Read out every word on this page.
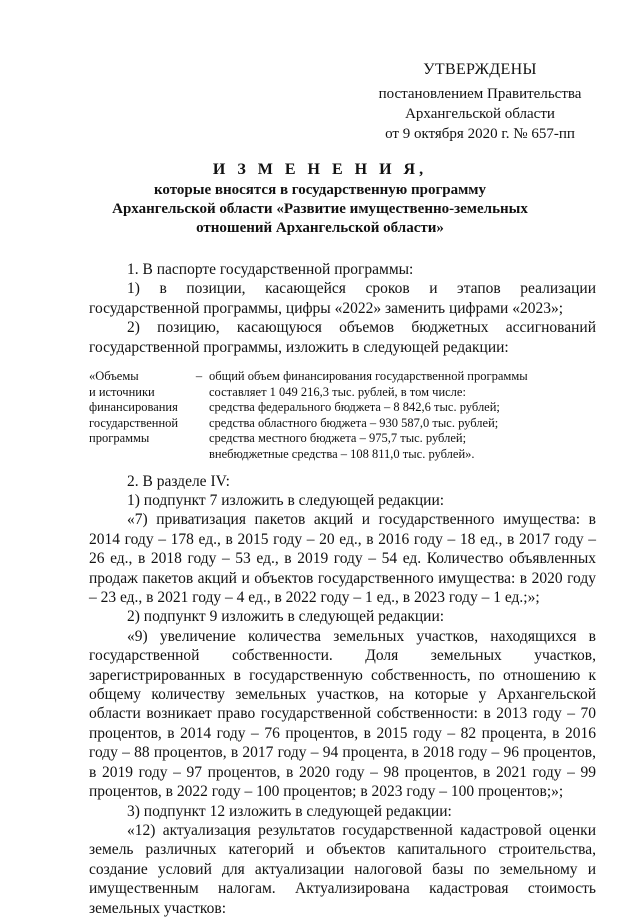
УТВЕРЖДЕНЫ
постановлением Правительства
Архангельской области
от 9 октября 2020 г. № 657-пп
И З М Е Н Е Н И Я,
которые вносятся в государственную программу
Архангельской области «Развитие имущественно-земельных
отношений Архангельской области»

1. В паспорте государственной программы:

1) в позиции, касающейся сроков и этапов реализации государственной программы, цифры «2022» заменить цифрами «2023»;

2) позицию, касающуюся объемов бюджетных ассигнований государственной программы, изложить в следующей редакции:

«Объемы
и источники
финансирования
государственной
программы
– общий объем финансирования государственной программы
составляет 1 049 216,3 тыс. рублей, в том числе:
средства федерального бюджета – 8 842,6 тыс. рублей;
средства областного бюджета – 930 587,0 тыс. рублей;
средства местного бюджета – 975,7 тыс. рублей;
внебюджетные средства – 108 811,0 тыс. рублей».

2. В разделе IV:

1) подпункт 7 изложить в следующей редакции:

«7) приватизация пакетов акций и государственного имущества: в 2014 году – 178 ед., в 2015 году – 20 ед., в 2016 году – 18 ед., в 2017 году – 26 ед., в 2018 году – 53 ед., в 2019 году – 54 ед. Количество объявленных продаж пакетов акций и объектов государственного имущества: в 2020 году – 23 ед., в 2021 году – 4 ед., в 2022 году – 1 ед., в 2023 году – 1 ед.;»;

2) подпункт 9 изложить в следующей редакции:

«9) увеличение количества земельных участков, находящихся в государственной собственности. Доля земельных участков, зарегистрированных в государственную собственность, по отношению к общему количеству земельных участков, на которые у Архангельской области возникает право государственной собственности: в 2013 году – 70 процентов, в 2014 году – 76 процентов, в 2015 году – 82 процента, в 2016 году – 88 процентов, в 2017 году – 94 процента, в 2018 году – 96 процентов, в 2019 году – 97 процентов, в 2020 году – 98 процентов, в 2021 году – 99 процентов, в 2022 году – 100 процентов; в 2023 году – 100 процентов;»;

3) подпункт 12 изложить в следующей редакции:

«12) актуализация результатов государственной кадастровой оценки земель различных категорий и объектов капитального строительства, создание условий для актуализации налоговой базы по земельному и имущественным налогам. Актуализирована кадастровая стоимость земельных участков:
